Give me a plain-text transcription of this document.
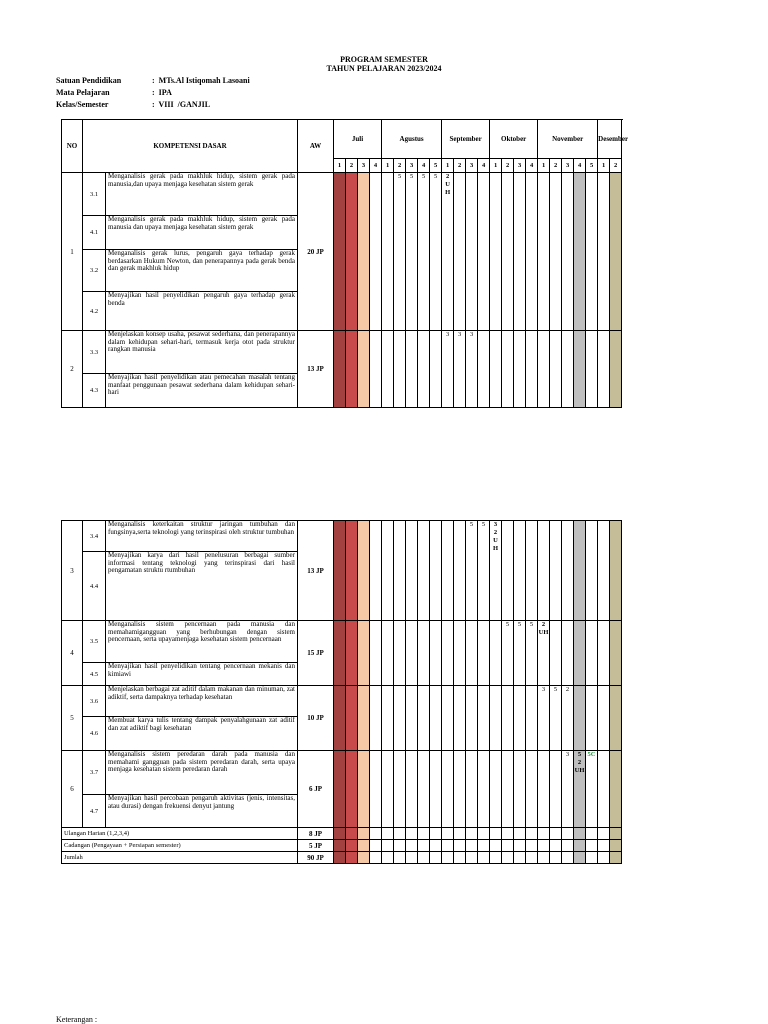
PROGRAM SEMESTER
TAHUN PELAJARAN 2023/2024
Satuan Pendidikan	:  MTs.Al Istiqomah Lasoani
Mata Pelajaran	:  IPA
Kelas/Semester	:  VIII  /GANJIL
NO	KOMPETENSI DASAR		AW	Juli				Agustus					September				Oktober				November					Desember		
				1	2	3	4	1	2	3	4	5	1	2	3	4	1	2	3	4	1	2	3	4	5	1	2		
1	3.1	Menganalisis gerak pada makhluk hidup, sistem gerak pada manusia,dan upaya menjaga kesehatan sistem gerak	20 JP						5	5	5	5	2
U
H															
	4.1	Menganalisis gerak pada makhluk hidup, sistem gerak pada manusia dan upaya menjaga kesehatan sistem gerak																										
	3.2	Menganalisis gerak lurus, pengaruh gaya terhadap gerak berdasarkan Hukum Newton, dan penerapannya pada gerak benda dan gerak makhluk hidup																										
	4.2	Menyajikan hasil penyelidikan pengaruh gaya terhadap gerak benda																										
2	3.3	Menjelaskan konsep usaha, pesawat sederhana, dan penerapannya dalam kehidupan sehari-hari, termasuk kerja otot pada struktur rangkan manusia	13 JP										3	3	3													
	4.3	Menyajikan hasil penyelidikan atau pemecahan masalah tentang manfaat penggunaan pesawat sederhana dalam kehidupan sehari-hari																										
3	3.4	Menganalisis keterkaitan struktur jaringan tumbuhan dan fungsinya,serta teknologi yang terinspirasi oleh struktur tumbuhan	13 JP												5	5	3
2
U
H										
	4.4	Menyajikan karya dari hasil penelusuran berbagai sumber informasi tentang teknologi yang terinspirasi dari hasil pengamatan struktu rtumbuhan																									
4	3.5	Menganalisis sistem pencernaan pada manusia dan memahamigangguan yang berhubungan dengan sistem pencernaan, serta upayamenjaga kesehatan sistem pencernaan	15 JP															5	5	5	2
UH						
	4.5	Menyajikan hasil penyelidikan tentang pencernaan mekanis dan kimiawi																									
5	3.6	Menjelaskan berbagai zat aditif dalam makanan dan minuman, zat adiktif, serta dampaknya terhadap kesehatan	10 JP																		3	5	2				
	4.6	Membuat karya tulis tentang dampak penyalahgunaan zat aditif dan zat adiktif bagi kesehatan																									
6	3.7	Menganalisis sistem peredaran darah pada manusia dan memahami gangguan pada sistem peredaran darah, serta upaya menjaga kesehatan sistem peredaran darah	6 JP																				3	5
2
UH	5C		
	4.7	Menyajikan hasil percobaan pengaruh aktivitas (jenis, intensitas, atau durasi) dengan frekuensi denyut jantung																									
Ulangan Harian (1,2,3,4)			8 JP																								
Cadangan (Pengayaan + Persiapan semester)			5 JP																								
Jumlah			90 JP																								
Keterangan :
